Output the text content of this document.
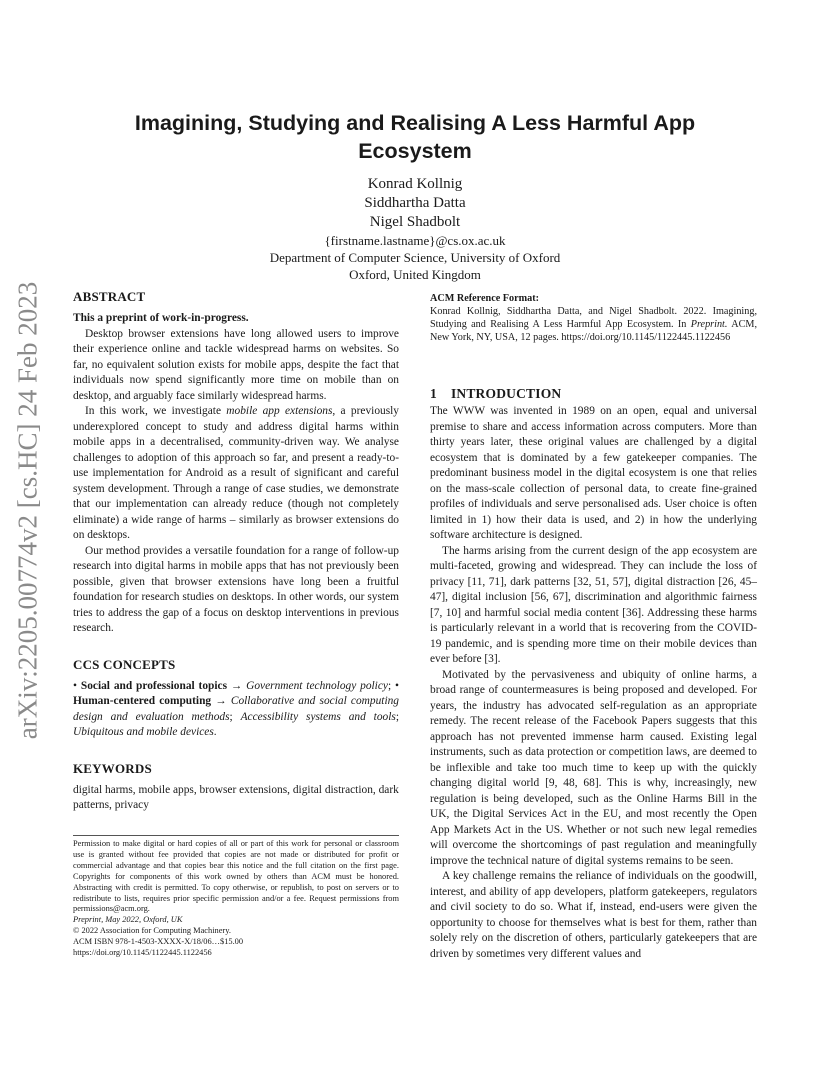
arXiv:2205.00774v2 [cs.HC] 24 Feb 2023
Imagining, Studying and Realising A Less Harmful App
Ecosystem
Konrad Kollnig
Siddhartha Datta
Nigel Shadbolt
{firstname.lastname}@cs.ox.ac.uk
Department of Computer Science, University of Oxford
Oxford, United Kingdom
ABSTRACT

This a preprint of work-in-progress.

Desktop browser extensions have long allowed users to improve their experience online and tackle widespread harms on websites. So far, no equivalent solution exists for mobile apps, despite the fact that individuals now spend significantly more time on mobile than on desktop, and arguably face similarly widespread harms.

In this work, we investigate mobile app extensions, a previously underexplored concept to study and address digital harms within mobile apps in a decentralised, community-driven way. We analyse challenges to adoption of this approach so far, and present a ready-to-use implementation for Android as a result of significant and careful system development. Through a range of case studies, we demonstrate that our implementation can already reduce (though not completely eliminate) a wide range of harms – similarly as browser extensions do on desktops.

Our method provides a versatile foundation for a range of follow-up research into digital harms in mobile apps that has not previously been possible, given that browser extensions have long been a fruitful foundation for research studies on desktops. In other words, our system tries to address the gap of a focus on desktop interventions in previous research.

CCS CONCEPTS

• Social and professional topics → Government technology policy; • Human-centered computing → Collaborative and social computing design and evaluation methods; Accessibility systems and tools; Ubiquitous and mobile devices.

KEYWORDS

digital harms, mobile apps, browser extensions, digital distraction, dark patterns, privacy

Permission to make digital or hard copies of all or part of this work for personal or classroom use is granted without fee provided that copies are not made or distributed for profit or commercial advantage and that copies bear this notice and the full citation on the first page. Copyrights for components of this work owned by others than ACM must be honored. Abstracting with credit is permitted. To copy otherwise, or republish, to post on servers or to redistribute to lists, requires prior specific permission and/or a fee. Request permissions from permissions@acm.org.
Preprint, May 2022, Oxford, UK
© 2022 Association for Computing Machinery.
ACM ISBN 978-1-4503-XXXX-X/18/06…$15.00
https://doi.org/10.1145/1122445.1122456
ACM Reference Format:
Konrad Kollnig, Siddhartha Datta, and Nigel Shadbolt. 2022. Imagining, Studying and Realising A Less Harmful App Ecosystem. In Preprint. ACM, New York, NY, USA, 12 pages. https://doi.org/10.1145/1122445.1122456
1 INTRODUCTION

The WWW was invented in 1989 on an open, equal and universal premise to share and access information across computers. More than thirty years later, these original values are challenged by a digital ecosystem that is dominated by a few gatekeeper companies. The predominant business model in the digital ecosystem is one that relies on the mass-scale collection of personal data, to create fine-grained profiles of individuals and serve personalised ads. User choice is often limited in 1) how their data is used, and 2) in how the underlying software architecture is designed.

The harms arising from the current design of the app ecosystem are multi-faceted, growing and widespread. They can include the loss of privacy [11, 71], dark patterns [32, 51, 57], digital distraction [26, 45–47], digital inclusion [56, 67], discrimination and algorithmic fairness [7, 10] and harmful social media content [36]. Addressing these harms is particularly relevant in a world that is recovering from the COVID-19 pandemic, and is spending more time on their mobile devices than ever before [3].

Motivated by the pervasiveness and ubiquity of online harms, a broad range of countermeasures is being proposed and developed. For years, the industry has advocated self-regulation as an appropriate remedy. The recent release of the Facebook Papers suggests that this approach has not prevented immense harm caused. Existing legal instruments, such as data protection or competition laws, are deemed to be inflexible and take too much time to keep up with the quickly changing digital world [9, 48, 68]. This is why, increasingly, new regulation is being developed, such as the Online Harms Bill in the UK, the Digital Services Act in the EU, and most recently the Open App Markets Act in the US. Whether or not such new legal remedies will overcome the shortcomings of past regulation and meaningfully improve the technical nature of digital systems remains to be seen.

A key challenge remains the reliance of individuals on the goodwill, interest, and ability of app developers, platform gatekeepers, regulators and civil society to do so. What if, instead, end-users were given the opportunity to choose for themselves what is best for them, rather than solely rely on the discretion of others, particularly gatekeepers that are driven by sometimes very different values and
